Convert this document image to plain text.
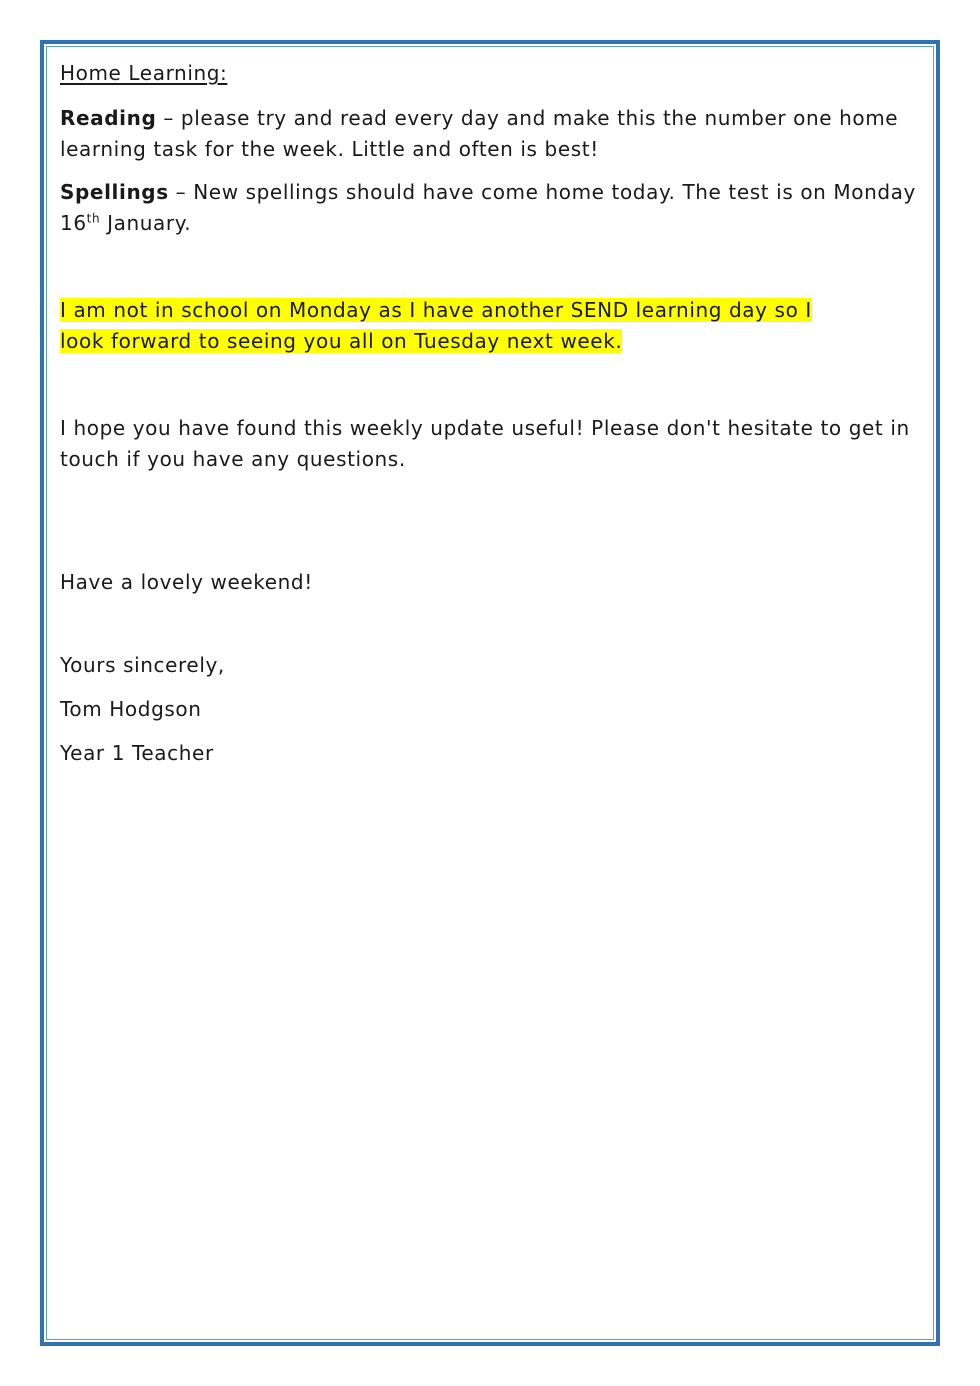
Home Learning:

Reading – please try and read every day and make this the number one home learning task for the week. Little and often is best!

Spellings – New spellings should have come home today. The test is on Monday 16th January.

I am not in school on Monday as I have another SEND learning day so I
look forward to seeing you all on Tuesday next week.

I hope you have found this weekly update useful! Please don't hesitate to get in touch if you have any questions.

Have a lovely weekend!

Yours sincerely,

Tom Hodgson

Year 1 Teacher
